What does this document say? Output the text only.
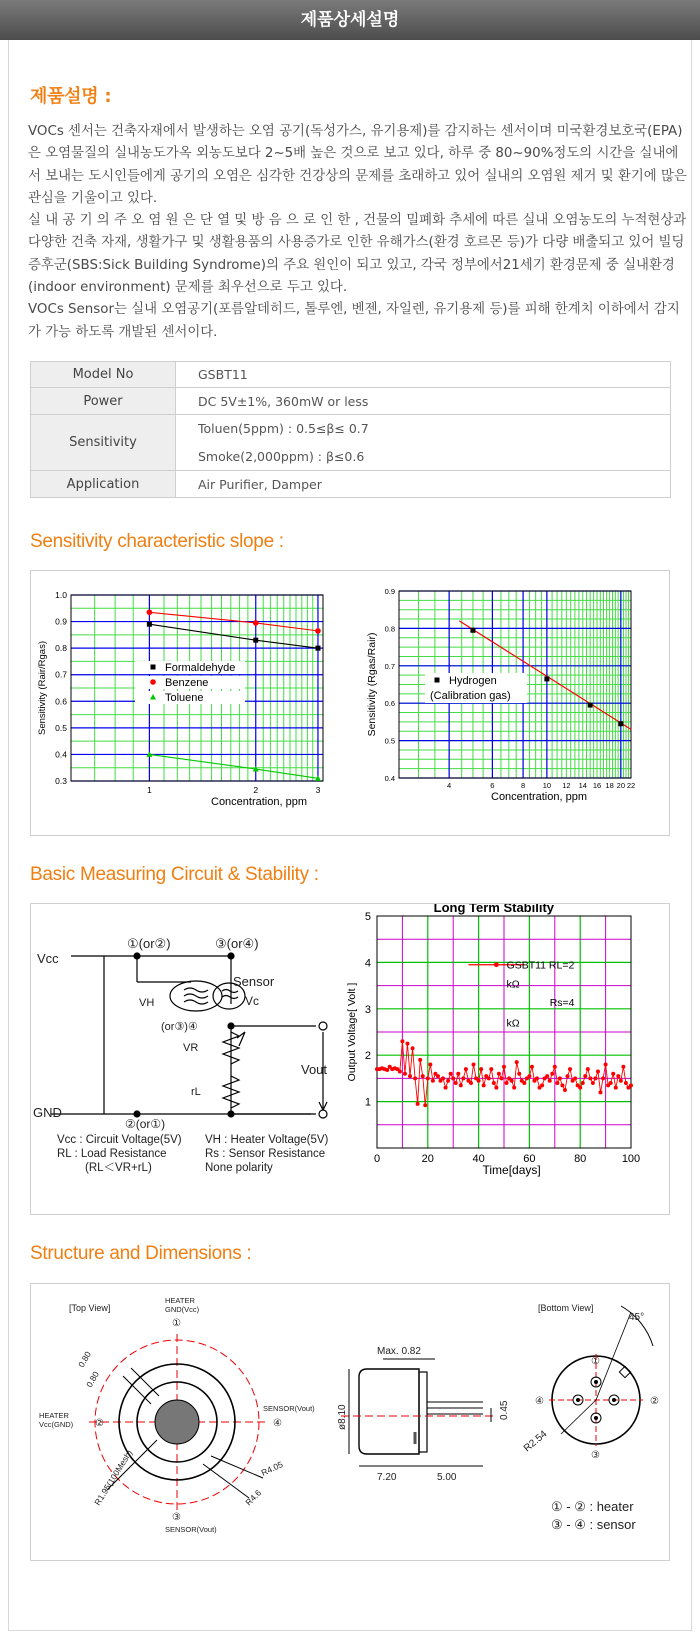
제품상세설명
제품설명 :

VOCs 센서는 건축자재에서 발생하는 오염 공기(독성가스, 유기용제)를 감지하는 센서이며 미국환경보호국(EPA)은 오염물질의 실내농도가옥 외농도보다 2~5배 높은 것으로 보고 있다, 하루 중 80~90%정도의 시간을 실내에서 보내는 도시인들에게 공기의 오염은 심각한 건강상의 문제를 초래하고 있어 실내의 오염원 제거 및 환기에 많은 관심을 기울이고 있다.

실 내 공 기 의 주 오 염 원 은 단 열 및 방 음 으 로 인 한 , 건물의 밀폐화 추세에 따른 실내 오염농도의 누적현상과 다양한 건축 자재, 생활가구 및 생활용품의 사용증가로 인한 유해가스(환경 호르몬 등)가 다량 배출되고 있어 빌딩 증후군(SBS:Sick Building Syndrome)의 주요 원인이 되고 있고, 각국 정부에서21세기 환경문제 중 실내환경(indoor environment) 문제를 최우선으로 두고 있다.

VOCs Sensor는 실내 오염공기(포름알데히드, 톨루엔, 벤젠, 자일렌, 유기용제 등)를 피해 한계치 이하에서 감지가 가능 하도록 개발된 센서이다.

Model No	GSBT11
Power	DC 5V±1%, 360mW or less
Sensitivity	Toluen(5ppm) : 0.5≤β≤ 0.7
	Smoke(2,000ppm) : β≤0.6
Application	Air Purifier, Damper
Sensitivity characteristic slope :
0.3
0.4
0.5
0.6
0.7
0.8
0.9
1.0
1	2	3
Concentration, ppm
Sensitivity (Rair/Rgas)	Formaldehyde
Benzene
Toluene
0.4
0.5
0.6
0.7
0.8
0.9
4	6	8 10 12 14 16 18 20 22
Concentration, ppm
Sensitivity (Rgas/Rair)	Hydrogen
(Calibration gas)
Basic Measuring Circuit & Stability :
Vcc
GND
①(or②)	③(or④)
Sensor
VH	Vc
(or③)④
VR
rL
Vout
②(or①)
Vcc : Circuit Voltage(5V)
RL : Load Resistance
(RL＜VR+rL)
VH : Heater Voltage(5V)
Rs : Sensor Resistance
None polarity
Long Term Stability
1
2
3
4
5
0	20	40	60	80	100
Time[days]
Output Voltage[ Volt ]
GSBT11 RL=2
kΩ
Rs=4
kΩ
Structure and Dimensions :
[Top View]
HEATER
GND(Vcc)
①
HEATER
Vcc(GND) ②
SENSOR(Vout)
④
③
SENSOR(Vout)
0.80
0.80
R4.05
R4.6
R1.95(100Mesh)
Max. 0.82
ø8.10	0.45
7.20	5.00
[Bottom View]
45°
①
②
③
④
R2.54
① - ② : heater
③ - ④ : sensor
